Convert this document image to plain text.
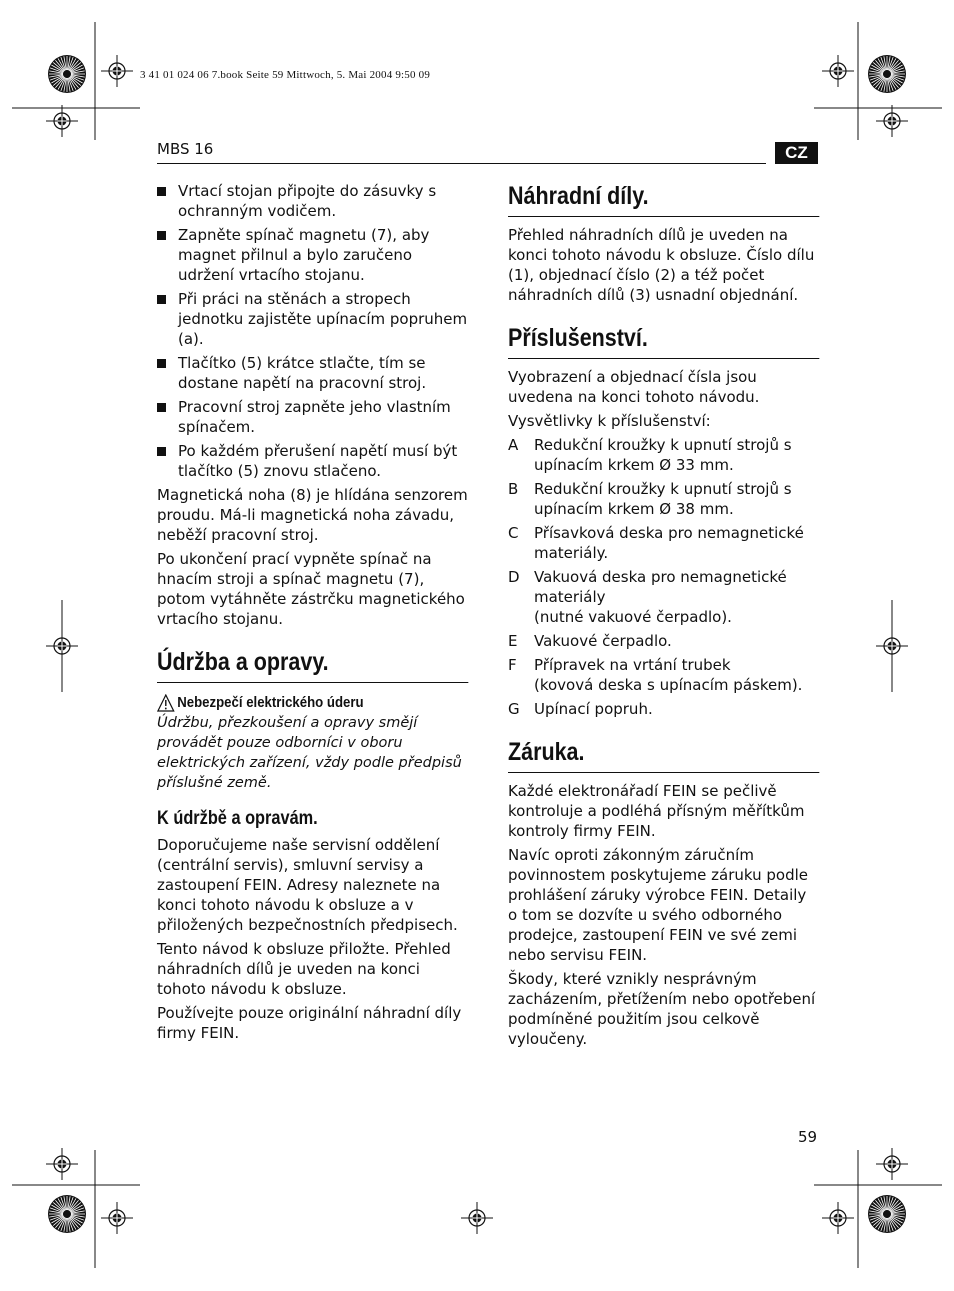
3 41 01 024 06 7.book Seite 59 Mittwoch, 5. Mai 2004 9:50 09
MBS 16	CZ
Vrtací stojan připojte do zásuvky s ochranným vodičem.
Zapněte spínač magnetu (7), aby magnet přilnul a bylo zaručeno udržení vrtacího stojanu.
Při práci na stěnách a stropech jednotku zajistěte upínacím popruhem (a).
Tlačítko (5) krátce stlačte, tím se dostane napětí na pracovní stroj.
Pracovní stroj zapněte jeho vlastním spínačem.
Po každém přerušení napětí musí být tlačítko (5) znovu stlačeno.

Magnetická noha (8) je hlídána senzorem proudu. Má-li magnetická noha závadu, neběží pracovní stroj.

Po ukončení prací vypněte spínač na hnacím stroji a spínač magnetu (7), potom vytáhněte zástrčku magnetického vrtacího stojanu.

Údržba a opravy.
Nebezpečí elektrického úderu

Údržbu, přezkoušení a opravy smějí provádět pouze odborníci v oboru elektrických zařízení, vždy podle předpisů příslušné země.

K údržbě a opravám.

Doporučujeme naše servisní oddělení (centrální servis), smluvní servisy a zastoupení FEIN. Adresy naleznete na konci tohoto návodu k obsluze a v přiložených bezpečnostních předpisech.

Tento návod k obsluze přiložte. Přehled náhradních dílů je uveden na konci tohoto návodu k obsluze.

Používejte pouze originální náhradní díly firmy FEIN.

Náhradní díly.

Přehled náhradních dílů je uveden na konci tohoto návodu k obsluze. Číslo dílu (1), objednací číslo (2) a též počet náhradních dílů (3) usnadní objednání.

Příslušenství.

Vyobrazení a objednací čísla jsou uvedena na konci tohoto návodu.

Vysvětlivky k příslušenství:

A Redukční kroužky k upnutí strojů s upínacím krkem Ø 33 mm.
B Redukční kroužky k upnutí strojů s upínacím krkem Ø 38 mm.
C Přísavková deska pro nemagnetické materiály.
D Vakuová deska pro nemagnetické materiály
(nutné vakuové čerpadlo).
E Vakuové čerpadlo.
F Přípravek na vrtání trubek
(kovová deska s upínacím páskem).
G Upínací popruh.
Záruka.

Každé elektronářadí FEIN se pečlivě kontroluje a podléhá přísným měřítkům kontroly firmy FEIN.

Navíc oproti zákonným záručním povinnostem poskytujeme záruku podle prohlášení záruky výrobce FEIN. Detaily o tom se dozvíte u svého odborného prodejce, zastoupení FEIN ve své zemi nebo servisu FEIN.

Škody, které vznikly nesprávným zacházením, přetížením nebo opotřebení podmíněné použitím jsou celkově vyloučeny.

59
